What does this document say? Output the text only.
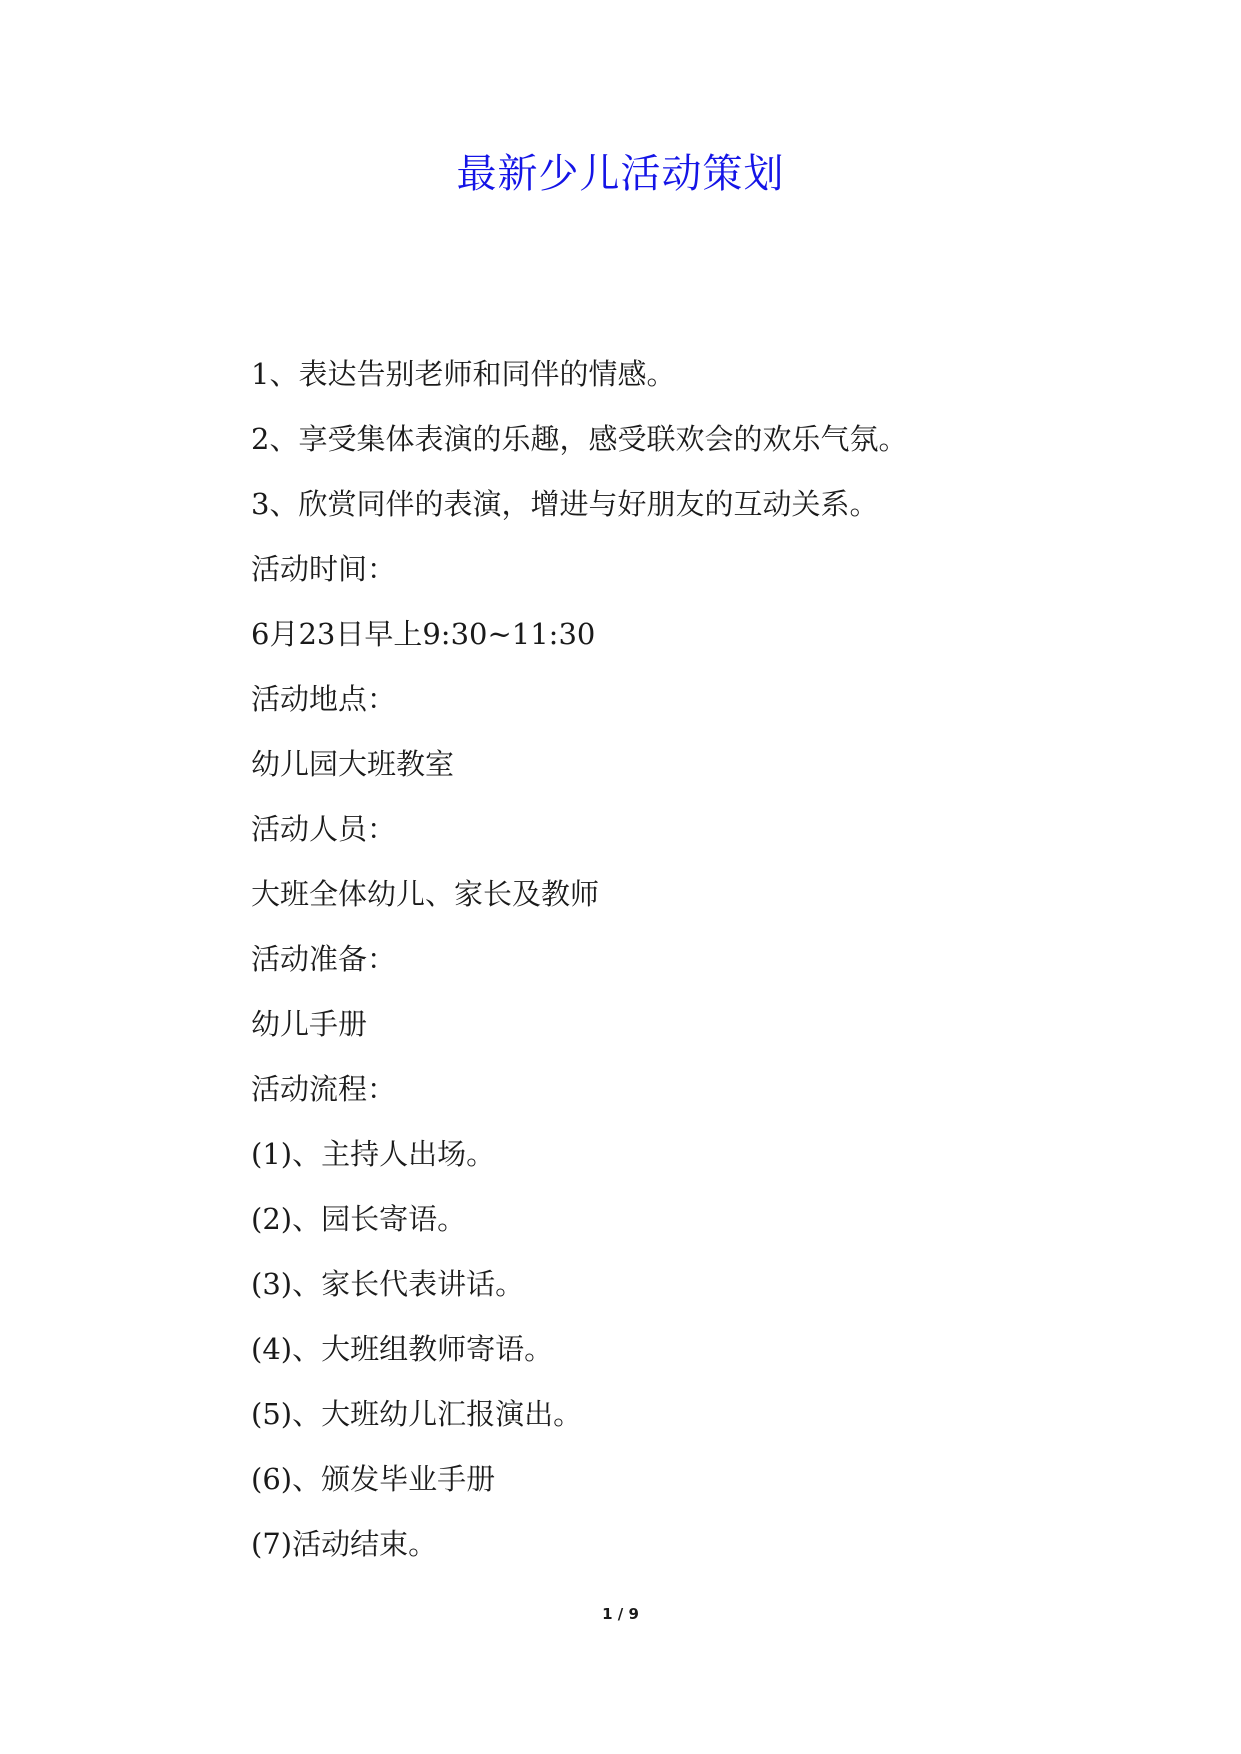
最新少儿活动策划
1、表达告别老师和同伴的情感。
2、享受集体表演的乐趣，感受联欢会的欢乐气氛。
3、欣赏同伴的表演，增进与好朋友的互动关系。
活动时间：
6月23日早上9:30~11:30
活动地点：
幼儿园大班教室
活动人员：
大班全体幼儿、家长及教师
活动准备：
幼儿手册
活动流程：
(1)、主持人出场。
(2)、园长寄语。
(3)、家长代表讲话。
(4)、大班组教师寄语。
(5)、大班幼儿汇报演出。
(6)、颁发毕业手册
(7)活动结束。
1 / 9
